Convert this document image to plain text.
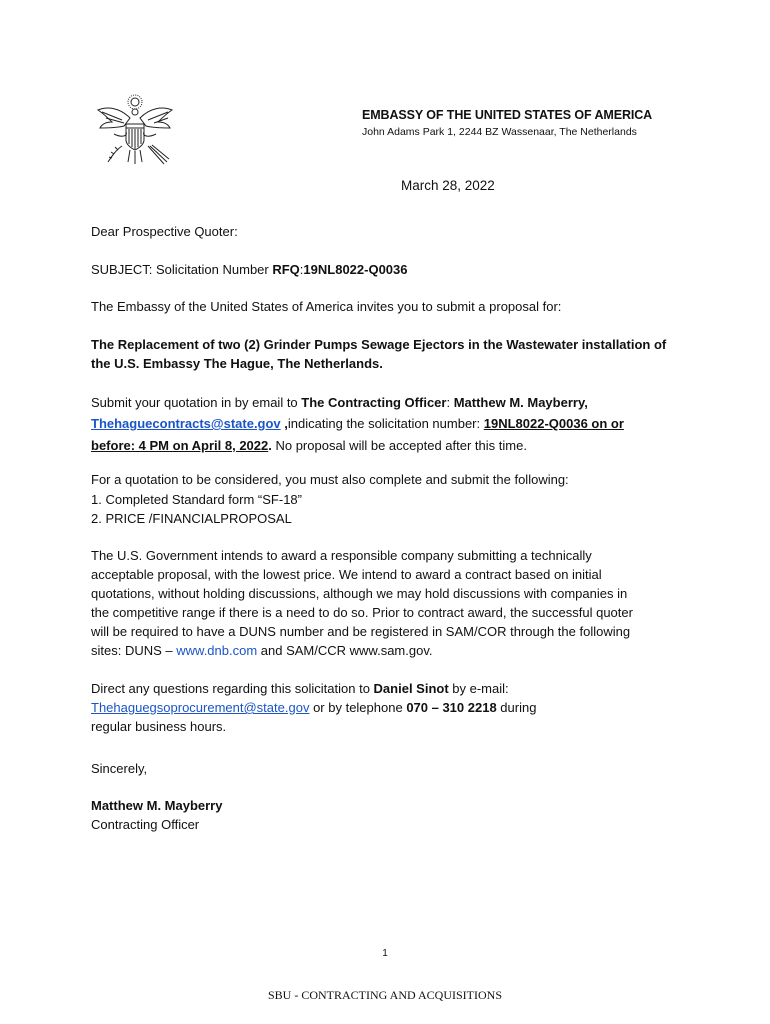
EMBASSY OF THE UNITED STATES OF AMERICA
John Adams Park 1, 2244 BZ Wassenaar, The Netherlands
March 28, 2022
Dear Prospective Quoter:
SUBJECT: Solicitation Number RFQ:19NL8022-Q0036
The Embassy of the United States of America invites you to submit a proposal for:
The Replacement of two (2) Grinder Pumps Sewage Ejectors in the Wastewater installation of
the U.S. Embassy The Hague, The Netherlands.
Submit your quotation in by email to The Contracting Officer: Matthew M. Mayberry,
Thehaguecontracts@state.gov ,indicating the solicitation number: 19NL8022-Q0036 on or
before: 4 PM on April 8, 2022. No proposal will be accepted after this time.
For a quotation to be considered, you must also complete and submit the following:
1. Completed Standard form “SF-18”
2. PRICE /FINANCIALPROPOSAL
The U.S. Government intends to award a responsible company submitting a technically
acceptable proposal, with the lowest price. We intend to award a contract based on initial
quotations, without holding discussions, although we may hold discussions with companies in
the competitive range if there is a need to do so. Prior to contract award, the successful quoter
will be required to have a DUNS number and be registered in SAM/COR through the following
sites: DUNS – www.dnb.com and SAM/CCR www.sam.gov.
Direct any questions regarding this solicitation to Daniel Sinot by e-mail:
Thehaguegsoprocurement@state.gov or by telephone 070 – 310 2218 during
regular business hours.
Sincerely,
Matthew M. Mayberry
Contracting Officer
1
SBU - CONTRACTING AND ACQUISITIONS
